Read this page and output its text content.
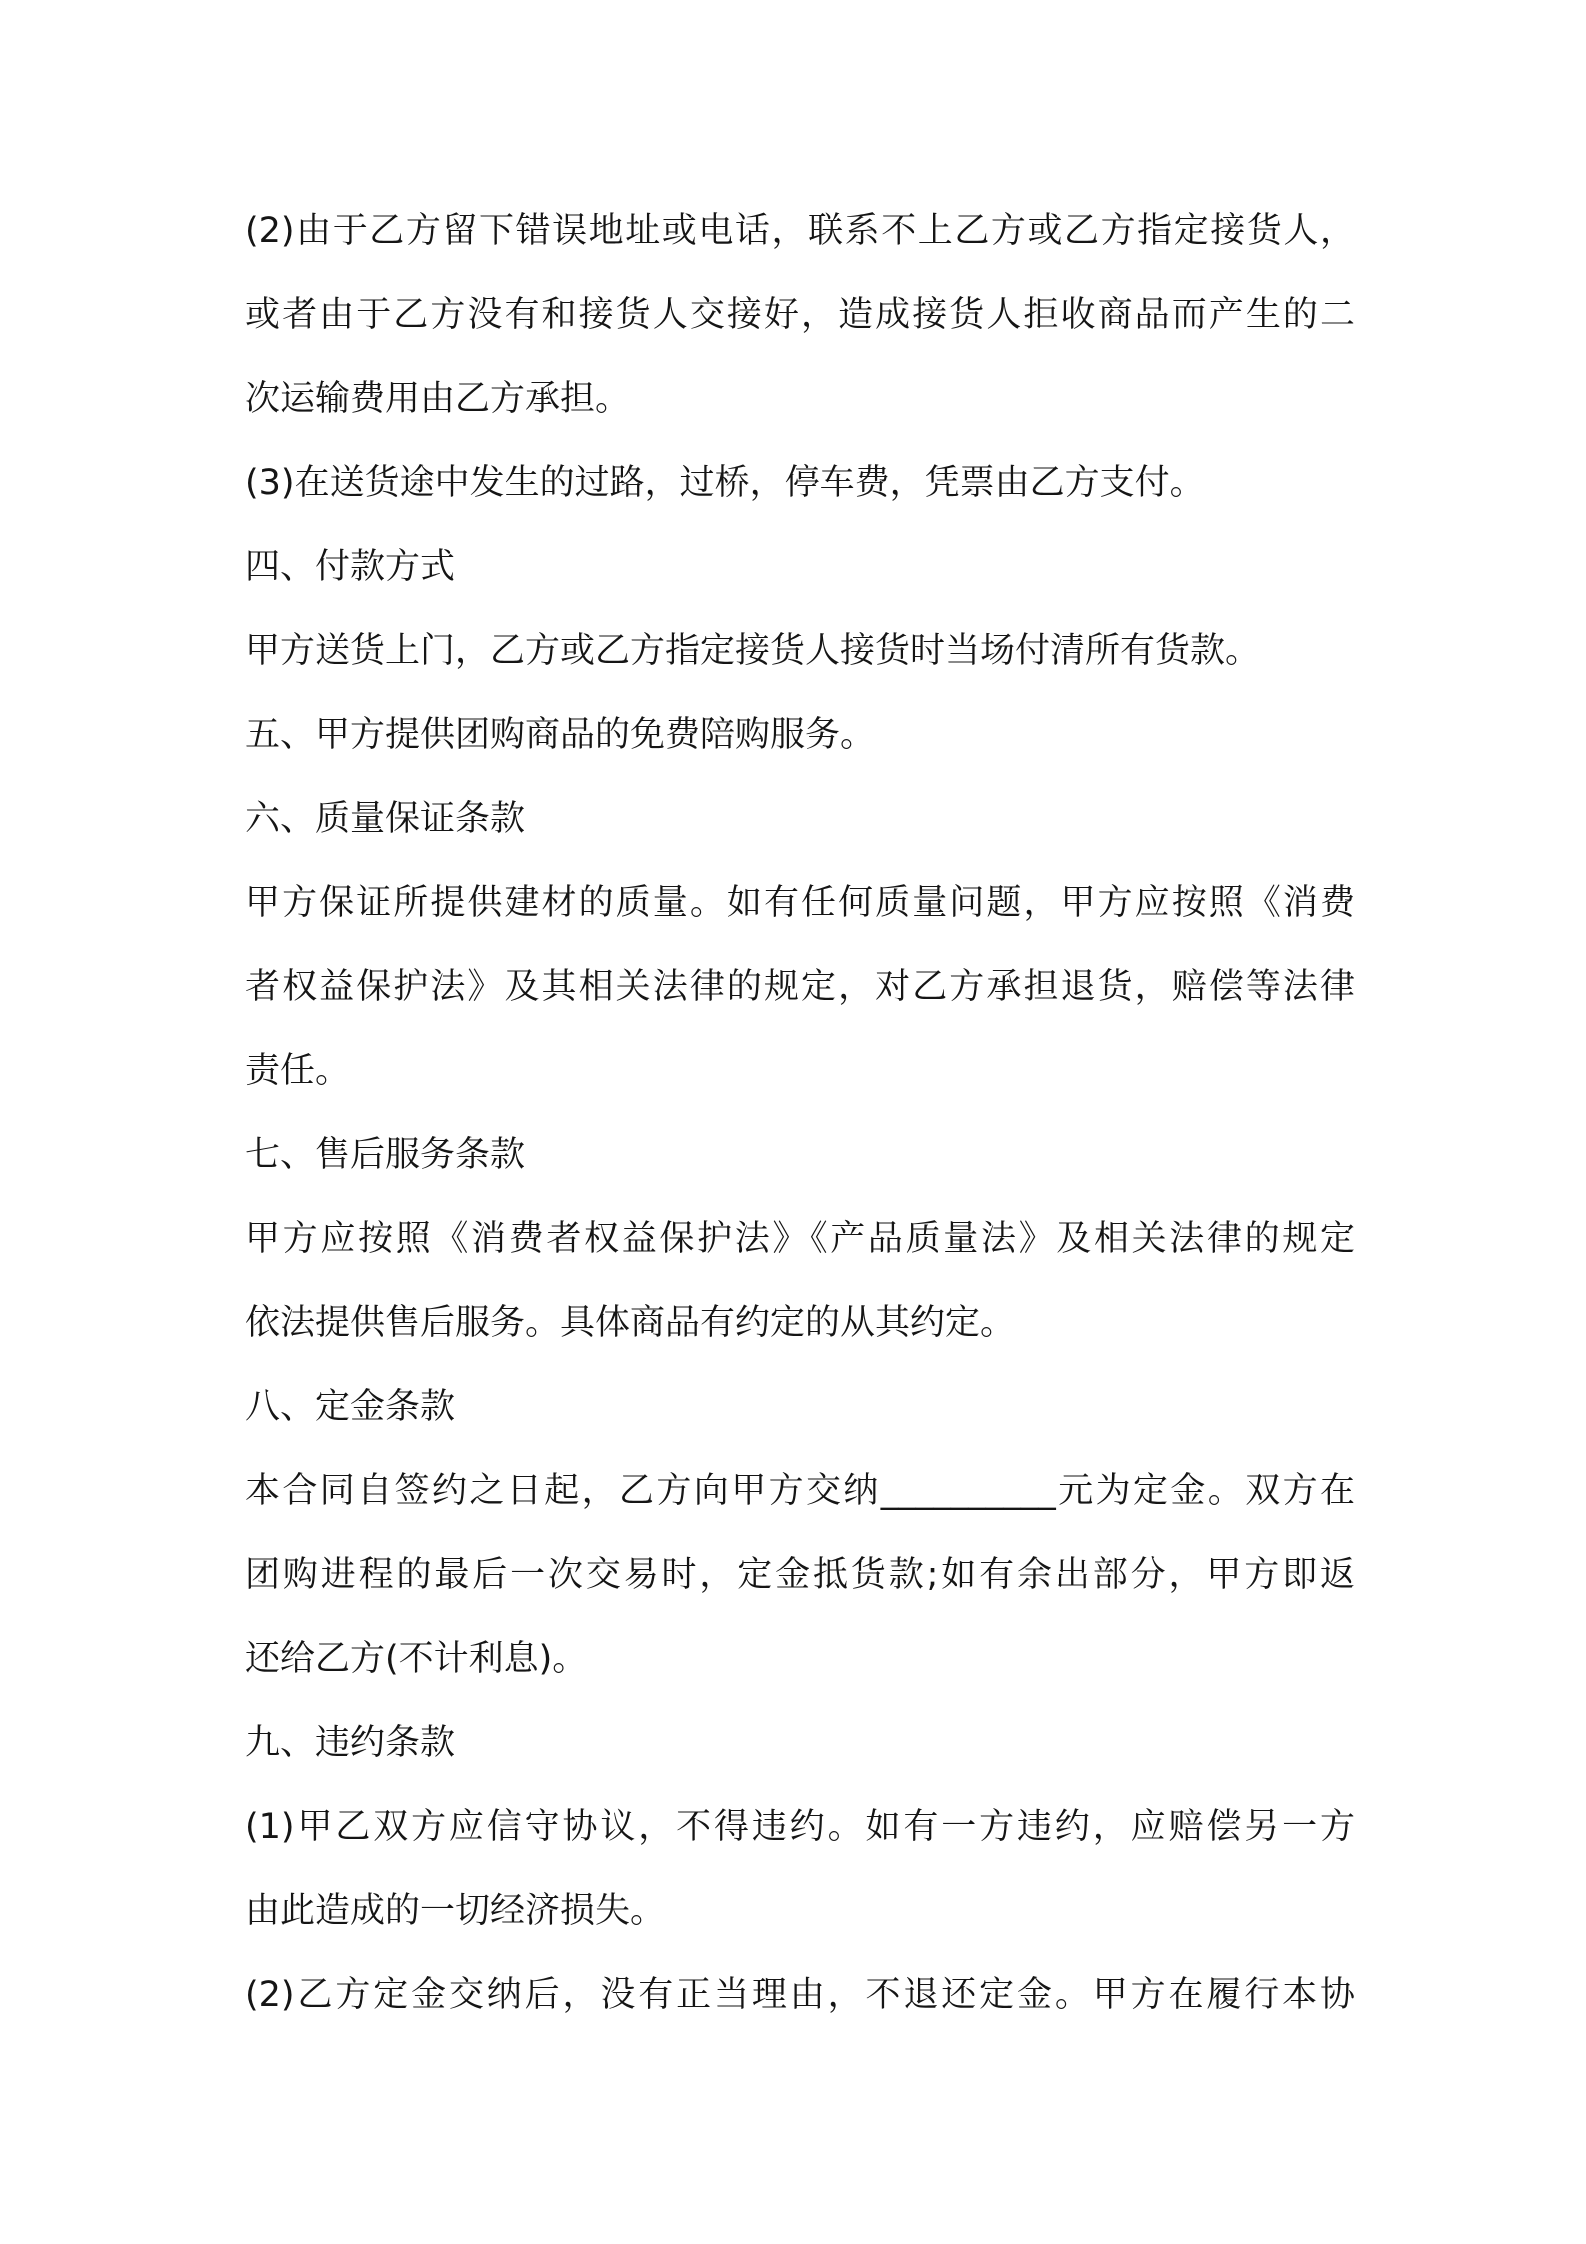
(2)由于乙方留下错误地址或电话，联系不上乙方或乙方指定接货人，
或者由于乙方没有和接货人交接好，造成接货人拒收商品而产生的二
次运输费用由乙方承担。
(3)在送货途中发生的过路，过桥，停车费，凭票由乙方支付。
四、付款方式
甲方送货上门，乙方或乙方指定接货人接货时当场付清所有货款。
五、甲方提供团购商品的免费陪购服务。
六、质量保证条款
甲方保证所提供建材的质量。如有任何质量问题，甲方应按照《消费
者权益保护法》及其相关法律的规定，对乙方承担退货，赔偿等法律
责任。
七、售后服务条款
甲方应按照《消费者权益保护法》《产品质量法》及相关法律的规定
依法提供售后服务。具体商品有约定的从其约定。
八、定金条款
本合同自签约之日起，乙方向甲方交纳__________元为定金。双方在
团购进程的最后一次交易时，定金抵货款;如有余出部分，甲方即返
还给乙方(不计利息)。
九、违约条款
(1)甲乙双方应信守协议，不得违约。如有一方违约，应赔偿另一方
由此造成的一切经济损失。
(2)乙方定金交纳后，没有正当理由，不退还定金。甲方在履行本协
